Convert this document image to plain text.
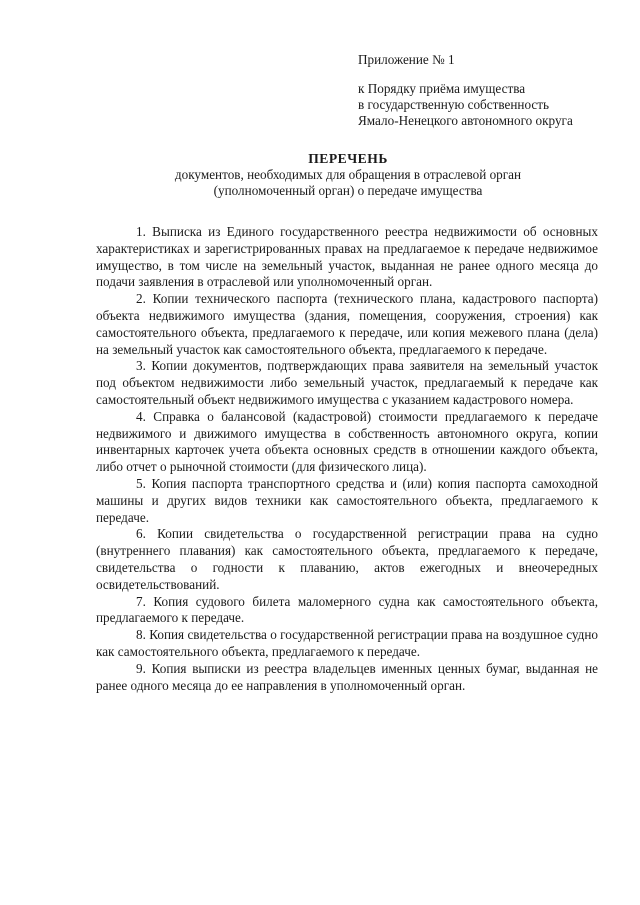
Приложение № 1
к Порядку приёма имущества
в государственную собственность
Ямало-Ненецкого автономного округа
ПЕРЕЧЕНЬ
документов, необходимых для обращения в отраслевой орган
(уполномоченный орган) о передаче имущества

1. Выписка из Единого государственного реестра недвижимости об основных характеристиках и зарегистрированных правах на предлагаемое к передаче недвижимое имущество, в том числе на земельный участок, выданная не ранее одного месяца до подачи заявления в отраслевой или уполномоченный орган.

2. Копии технического паспорта (технического плана, кадастрового паспорта) объекта недвижимого имущества (здания, помещения, сооружения, строения) как самостоятельного объекта, предлагаемого к передаче, или копия межевого плана (дела) на земельный участок как самостоятельного объекта, предлагаемого к передаче.

3. Копии документов, подтверждающих права заявителя на земельный участок под объектом недвижимости либо земельный участок, предлагаемый к передаче как самостоятельный объект недвижимого имущества с указанием кадастрового номера.

4. Справка о балансовой (кадастровой) стоимости предлагаемого к передаче недвижимого и движимого имущества в собственность автономного округа, копии инвентарных карточек учета объекта основных средств в отношении каждого объекта, либо отчет о рыночной стоимости (для физического лица).

5. Копия паспорта транспортного средства и (или) копия паспорта самоходной машины и других видов техники как самостоятельного объекта, предлагаемого к передаче.

6. Копии свидетельства о государственной регистрации права на судно (внутреннего плавания) как самостоятельного объекта, предлагаемого к передаче, свидетельства о годности к плаванию, актов ежегодных и внеочередных освидетельствований.

7. Копия судового билета маломерного судна как самостоятельного объекта, предлагаемого к передаче.

8. Копия свидетельства о государственной регистрации права на воздушное судно как самостоятельного объекта, предлагаемого к передаче.

9. Копия выписки из реестра владельцев именных ценных бумаг, выданная не ранее одного месяца до ее направления в уполномоченный орган.
